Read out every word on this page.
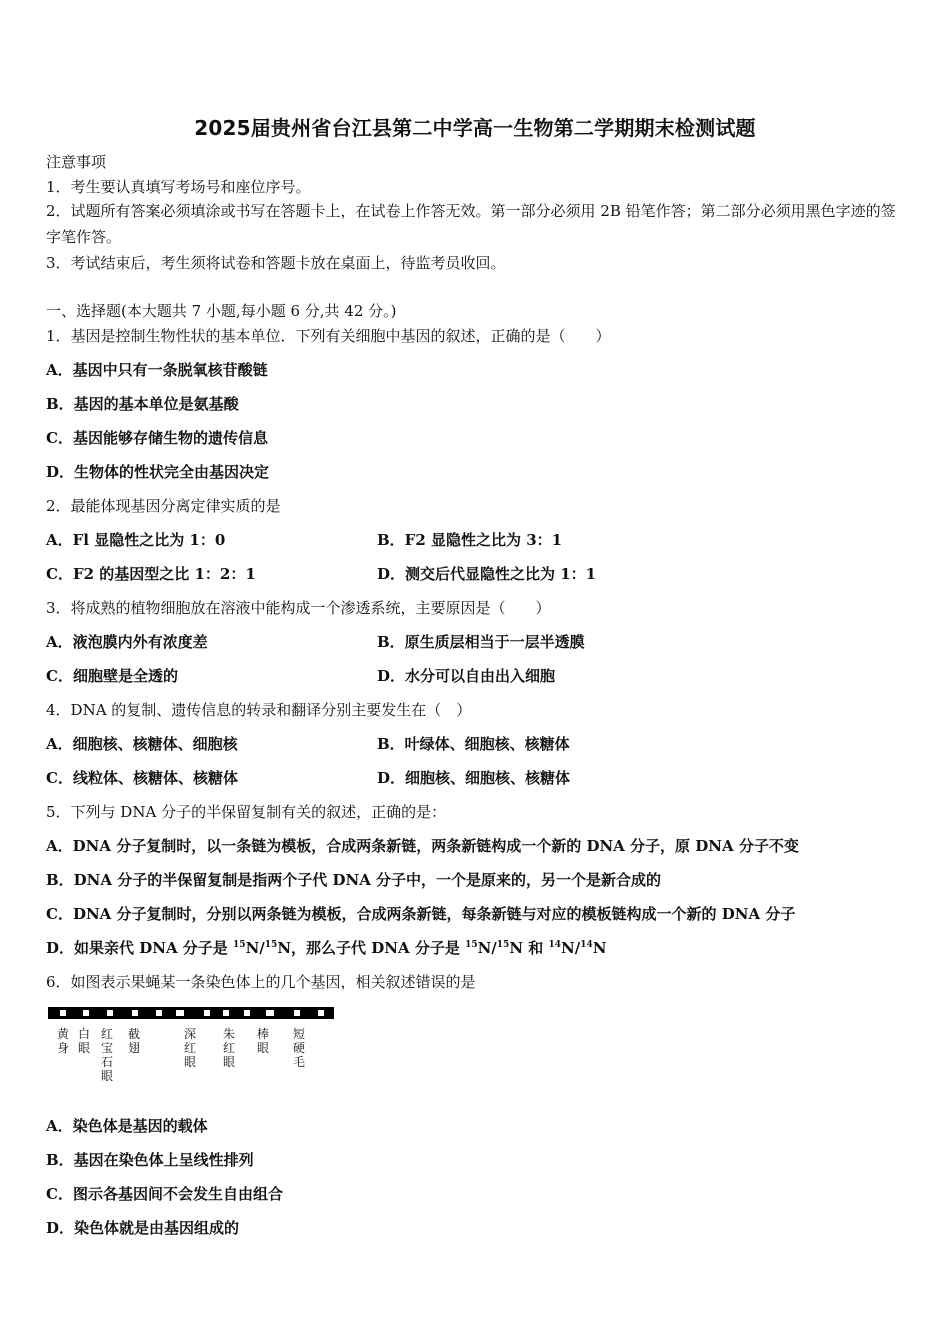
2025届贵州省台江县第二中学高一生物第二学期期末检测试题
注意事项
1．考生要认真填写考场号和座位序号。
2．试题所有答案必须填涂或书写在答题卡上，在试卷上作答无效。第一部分必须用 2B 铅笔作答；第二部分必须用黑色字迹的签字笔作答。
3．考试结束后，考生须将试卷和答题卡放在桌面上，待监考员收回。
一、选择题(本大题共 7 小题,每小题 6 分,共 42 分。)
1．基因是控制生物性状的基本单位．下列有关细胞中基因的叙述，正确的是（　　）
A．基因中只有一条脱氧核苷酸链
B．基因的基本单位是氨基酸
C．基因能够存储生物的遗传信息
D．生物体的性状完全由基因决定
2．最能体现基因分离定律实质的是
A．Fl 显隐性之比为 1：0	B．F2 显隐性之比为 3：1
C．F2 的基因型之比 1：2：1	D．测交后代显隐性之比为 1：1
3．将成熟的植物细胞放在溶液中能构成一个渗透系统，主要原因是（　　）
A．液泡膜内外有浓度差	B．原生质层相当于一层半透膜
C．细胞壁是全透的	D．水分可以自由出入细胞
4．DNA 的复制、遗传信息的转录和翻译分别主要发生在（　）
A．细胞核、核糖体、细胞核	B．叶绿体、细胞核、核糖体
C．线粒体、核糖体、核糖体	D．细胞核、细胞核、核糖体
5．下列与 DNA 分子的半保留复制有关的叙述，正确的是：
A．DNA 分子复制时，以一条链为模板，合成两条新链，两条新链构成一个新的 DNA 分子，原 DNA 分子不变
B．DNA 分子的半保留复制是指两个子代 DNA 分子中，一个是原来的，另一个是新合成的
C．DNA 分子复制时，分别以两条链为模板，合成两条新链，每条新链与对应的模板链构成一个新的 DNA 分子
D．如果亲代 DNA 分子是 $^{15}$N/$^{15}$N，那么子代 DNA 分子是 $^{15}$N/$^{15}$N 和 $^{14}$N/$^{14}$N
6．如图表示果蝇某一条染色体上的几个基因，相关叙述错误的是
黄身
白眼
红宝石眼
截翅
深红眼
朱红眼
棒眼
短硬毛
A．染色体是基因的载体
B．基因在染色体上呈线性排列
C．图示各基因间不会发生自由组合
D．染色体就是由基因组成的
